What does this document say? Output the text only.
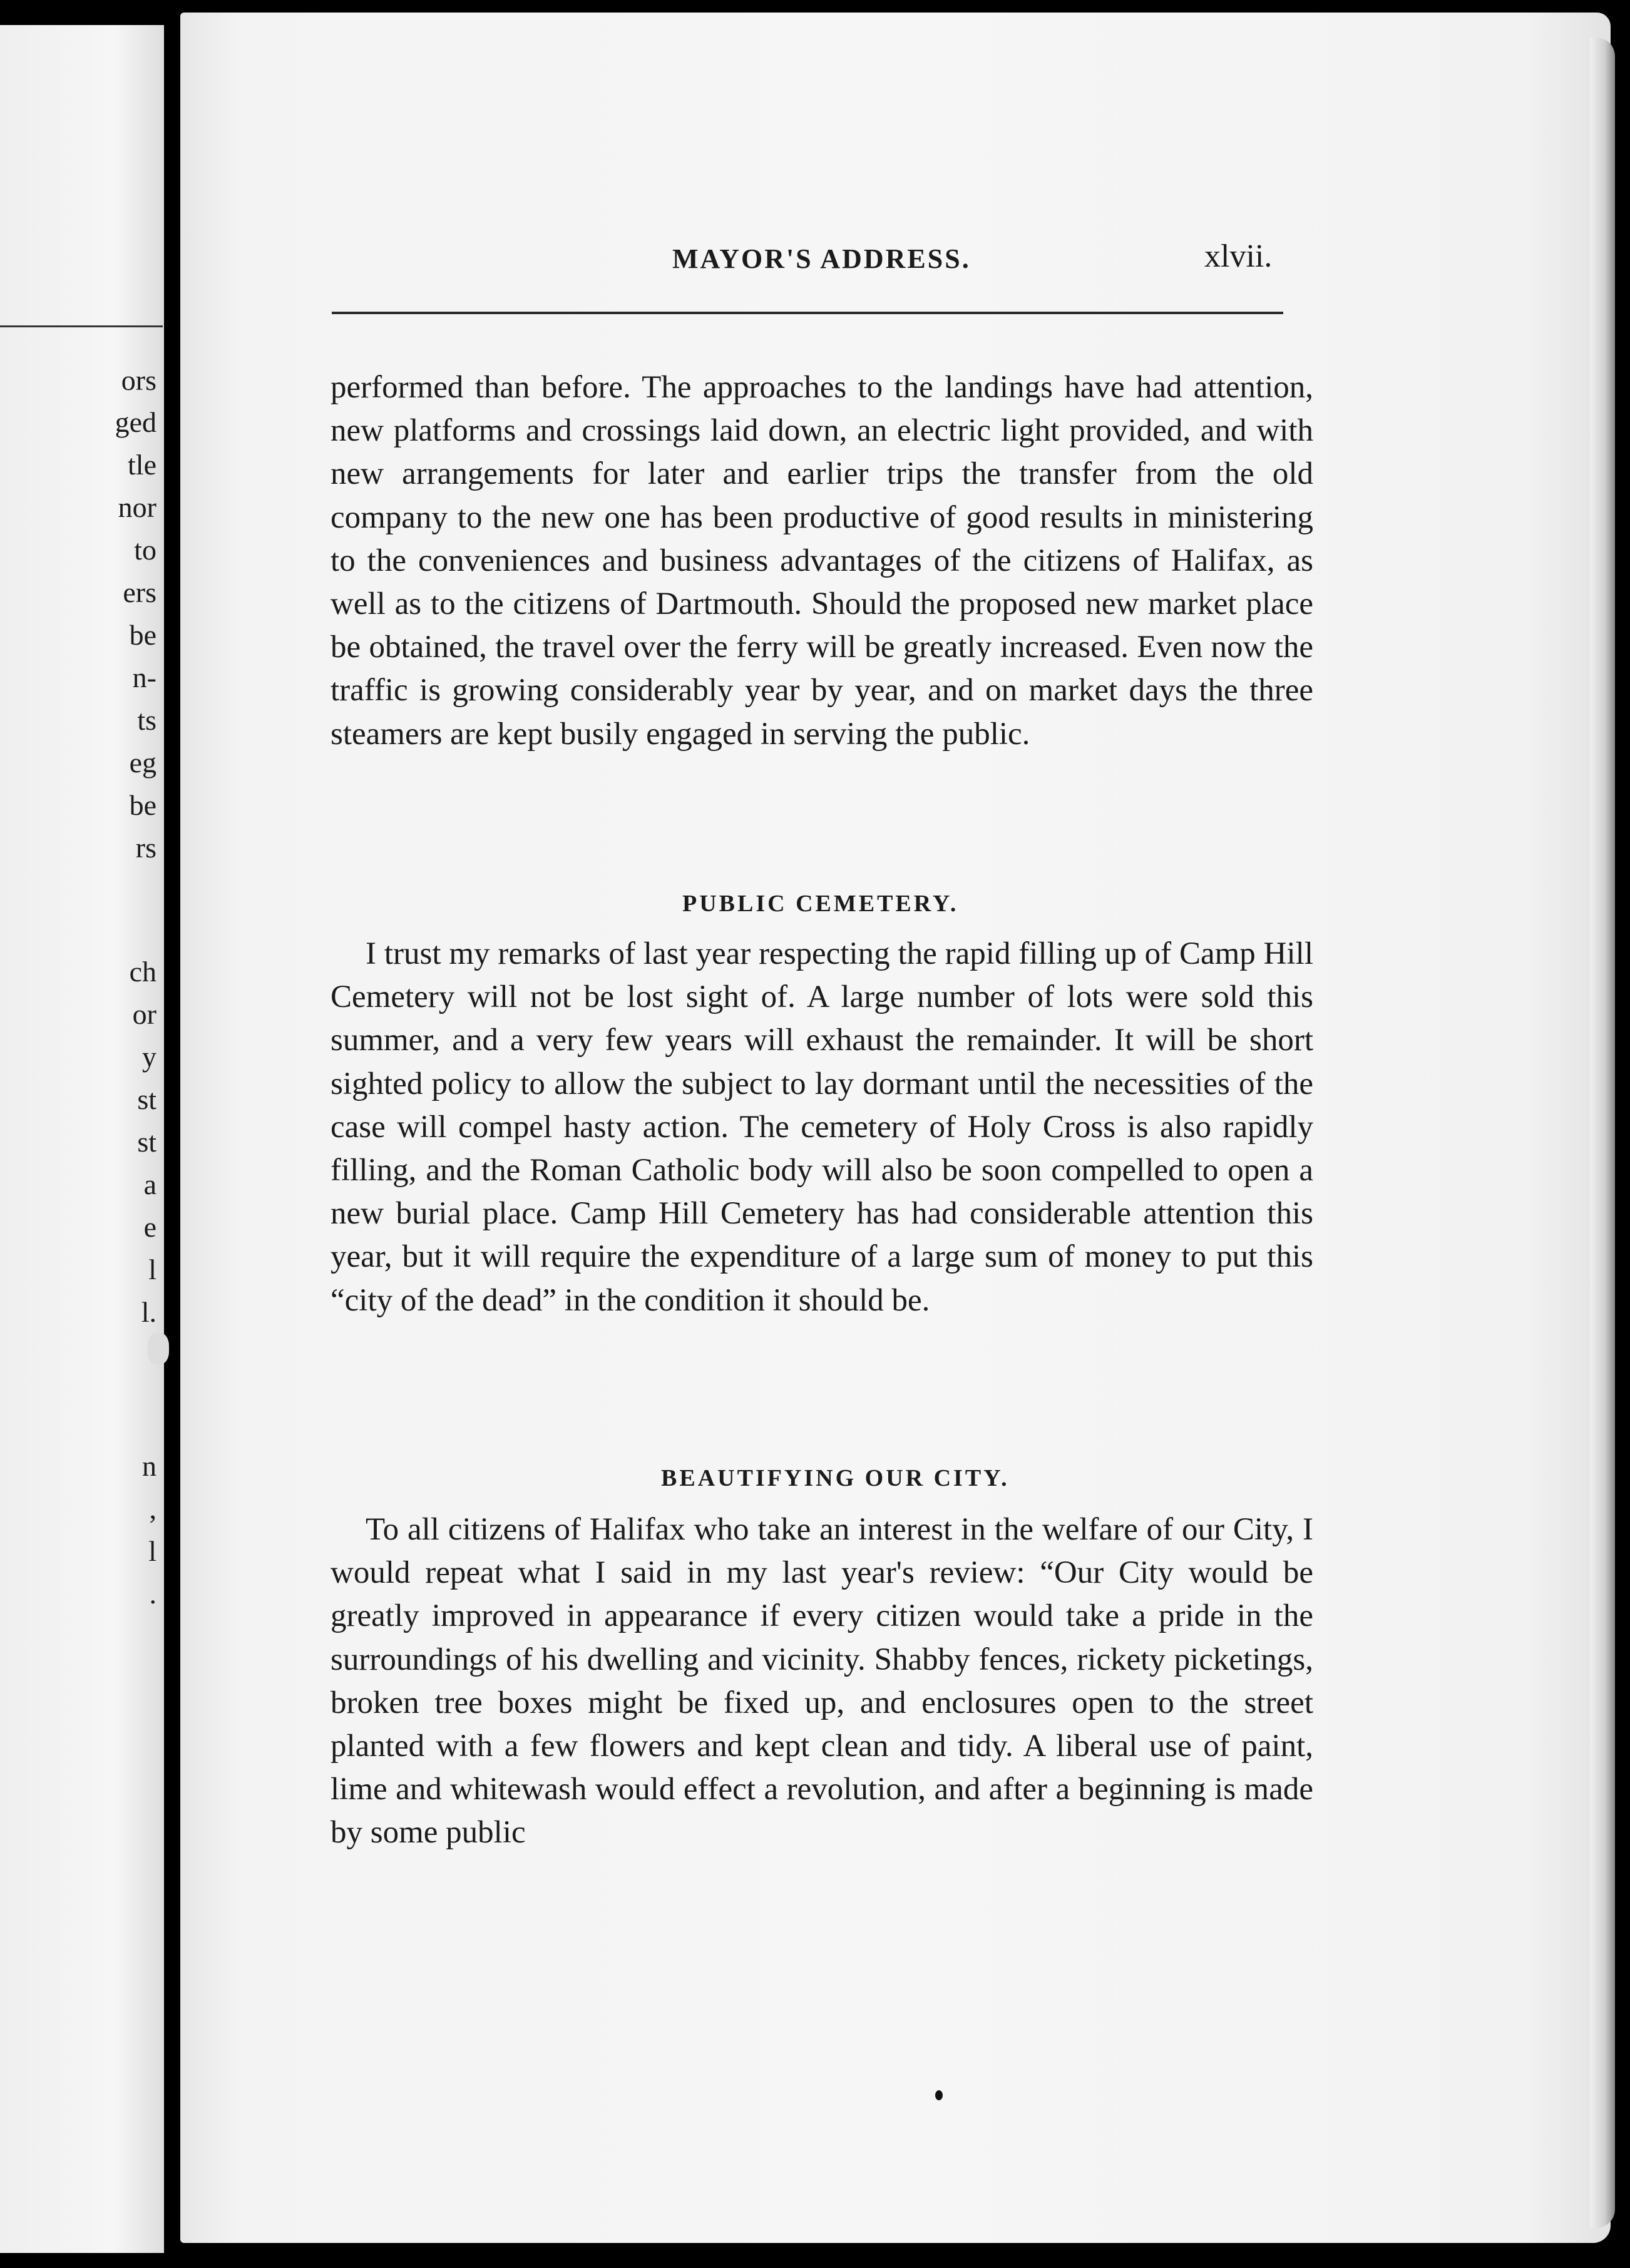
ors
ged
tle
nor
to
ers
be
n-
ts
eg
be
rs
ch
or
y
st
st
a
e
l
l.
n
,
l
.
MAYOR'S ADDRESS.	xlvii.

performed than before. The approaches to the landings have had attention, new platforms and crossings laid down, an electric light provided, and with new arrangements for later and earlier trips the transfer from the old company to the new one has been productive of good results in ministering to the conveniences and business advantages of the citizens of Halifax, as well as to the citizens of Dartmouth. Should the proposed new market place be obtained, the travel over the ferry will be greatly increased. Even now the traffic is growing considerably year by year, and on market days the three steamers are kept busily engaged in serving the public.

PUBLIC CEMETERY.

I trust my remarks of last year respecting the rapid filling up of Camp Hill Cemetery will not be lost sight of. A large number of lots were sold this summer, and a very few years will exhaust the remainder. It will be short sighted policy to allow the subject to lay dormant until the necessities of the case will compel hasty action. The cemetery of Holy Cross is also rapidly filling, and the Roman Catholic body will also be soon compelled to open a new burial place. Camp Hill Cemetery has had considerable attention this year, but it will require the expenditure of a large sum of money to put this “city of the dead” in the condition it should be.

BEAUTIFYING OUR CITY.

To all citizens of Halifax who take an interest in the welfare of our City, I would repeat what I said in my last year's review: “Our City would be greatly improved in appearance if every citizen would take a pride in the surroundings of his dwelling and vicinity. Shabby fences, rickety picketings, broken tree boxes might be fixed up, and enclosures open to the street planted with a few flowers and kept clean and tidy. A liberal use of paint, lime and whitewash would effect a revolution, and after a beginning is made by some public
